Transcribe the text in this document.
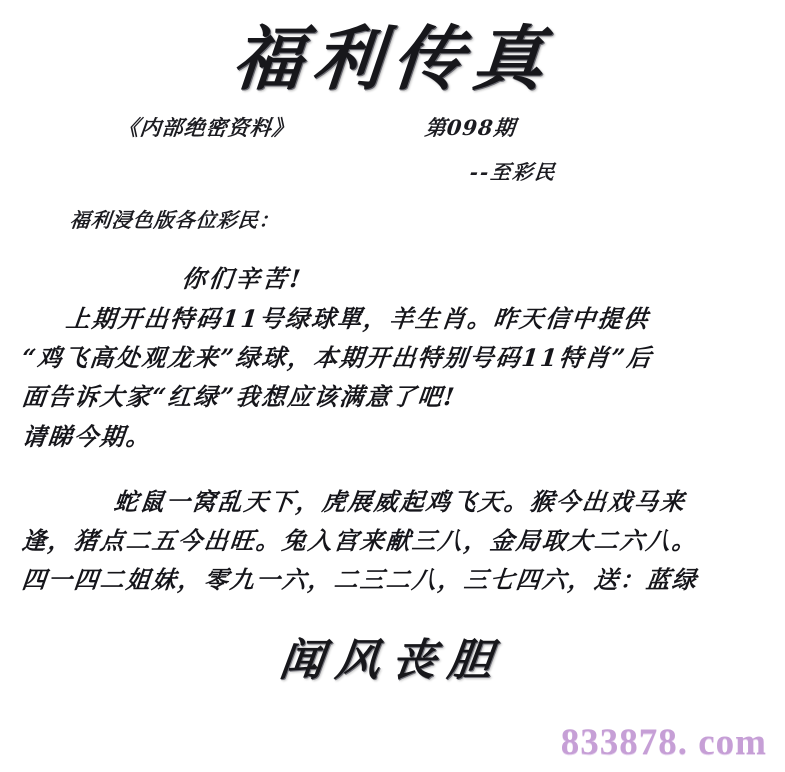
福利传真
《内部绝密资料》	第098期
--至彩民
福利浸色版各位彩民：
你们辛苦!

上期开出特码11号绿球單，羊生肖。昨天信中提供

“鸡飞高处观龙来”绿球，本期开出特别号码11特肖”后

面告诉大家“红绿”我想应该满意了吧!

请睇今期。

蛇鼠一窝乱天下，虎展威起鸡飞天。猴今出戏马来

逢，猪点二五今出旺。兔入宫来献三八，金局取大二六八。

四一四二姐妹，零九一六，二三二八，三七四六，送：蓝绿

闻风丧胆
833878. com
